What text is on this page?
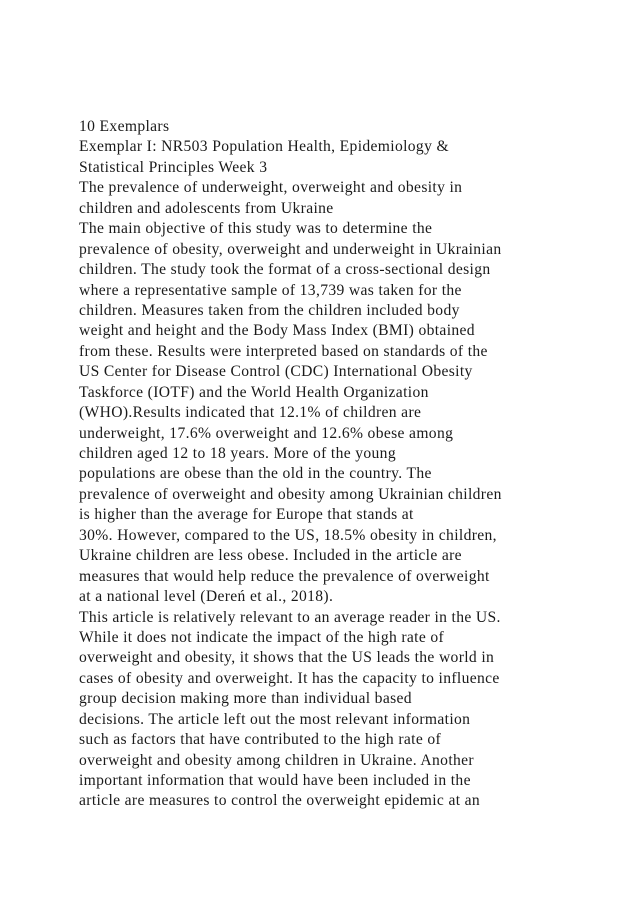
10 Exemplars
Exemplar I: NR503 Population Health, Epidemiology &
Statistical Principles Week 3
The prevalence of underweight, overweight and obesity in
children and adolescents from Ukraine
The main objective of this study was to determine the
prevalence of obesity, overweight and underweight in Ukrainian
children. The study took the format of a cross-sectional design
where a representative sample of 13,739 was taken for the
children. Measures taken from the children included body
weight and height and the Body Mass Index (BMI) obtained
from these. Results were interpreted based on standards of the
US Center for Disease Control (CDC) International Obesity
Taskforce (IOTF) and the World Health Organization
(WHO).Results indicated that 12.1% of children are
underweight, 17.6% overweight and 12.6% obese among
children aged 12 to 18 years. More of the young
populations are obese than the old in the country. The
prevalence of overweight and obesity among Ukrainian children
is higher than the average for Europe that stands at
30%. However, compared to the US, 18.5% obesity in children,
Ukraine children are less obese. Included in the article are
measures that would help reduce the prevalence of overweight
at a national level (Dereń et al., 2018).
This article is relatively relevant to an average reader in the US.
While it does not indicate the impact of the high rate of
overweight and obesity, it shows that the US leads the world in
cases of obesity and overweight. It has the capacity to influence
group decision making more than individual based
decisions. The article left out the most relevant information
such as factors that have contributed to the high rate of
overweight and obesity among children in Ukraine. Another
important information that would have been included in the
article are measures to control the overweight epidemic at an
